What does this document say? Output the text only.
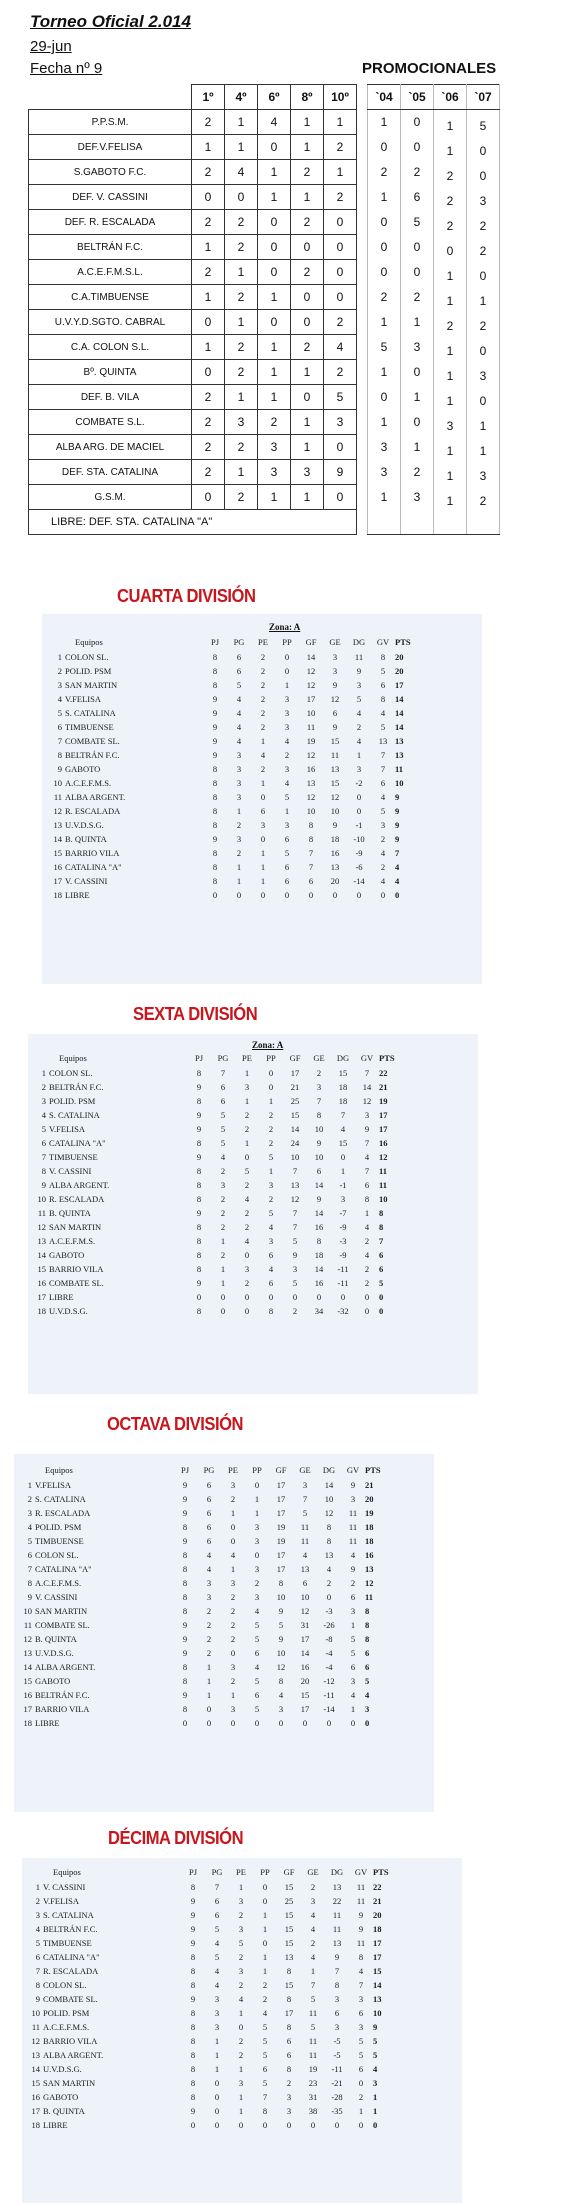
Torneo Oficial 2.014
29-jun
Fecha nº 9	PROMOCIONALES
	1º	4º	6º	8º	10º		`04	`05	`06	`07
P.P.S.M.	2	1	4	1	1		1	0	1	5
DEF.V.FELISA	1	1	0	1	2		0	0	1	0
S.GABOTO F.C.	2	4	1	2	1		2	2	2	0
DEF. V. CASSINI	0	0	1	1	2		1	6	2	3
DEF. R. ESCALADA	2	2	0	2	0		0	5	2	2
BELTRÁN F.C.	1	2	0	0	0		0	0	0	2
A.C.E.F.M.S.L.	2	1	0	2	0		0	0	1	0
C.A.TIMBUENSE	1	2	1	0	0		2	2	1	1
U.V.Y.D.SGTO. CABRAL	0	1	0	0	2		1	1	2	2
C.A. COLON S.L.	1	2	1	2	4		5	3	1	0
Bº. QUINTA	0	2	1	1	2		1	0	1	3
DEF. B. VILA	2	1	1	0	5		0	1	1	0
COMBATE S.L.	2	3	2	1	3		1	0	3	1
ALBA ARG. DE MACIEL	2	2	3	1	0		3	1	1	1
DEF. STA. CATALINA	2	1	3	3	9		3	2	1	3
G.S.M.	0	2	1	1	0		1	3	1	2
LIBRE: DEF. STA. CATALINA "A"										
CUARTA DIVISIÓN
Zona: A
	Equipos	PJ	PG	PE	PP	GF	GE	DG	GV	PTS
1	COLON SL.	8	6	2	0	14	3	11	8	20
2	POLID. PSM	8	6	2	0	12	3	9	5	20
3	SAN MARTIN	8	5	2	1	12	9	3	6	17
4	V.FELISA	9	4	2	3	17	12	5	8	14
5	S. CATALINA	9	4	2	3	10	6	4	4	14
6	TIMBUENSE	9	4	2	3	11	9	2	5	14
7	COMBATE SL.	9	4	1	4	19	15	4	13	13
8	BELTRÁN F.C.	9	3	4	2	12	11	1	7	13
9	GABOTO	8	3	2	3	16	13	3	7	11
10	A.C.E.F.M.S.	8	3	1	4	13	15	-2	6	10
11	ALBA ARGENT.	8	3	0	5	12	12	0	4	9
12	R. ESCALADA	8	1	6	1	10	10	0	5	9
13	U.V.D.S.G.	8	2	3	3	8	9	-1	3	9
14	B. QUINTA	9	3	0	6	8	18	-10	2	9
15	BARRIO VILA	8	2	1	5	7	16	-9	4	7
16	CATALINA "A"	8	1	1	6	7	13	-6	2	4
17	V. CASSINI	8	1	1	6	6	20	-14	4	4
18	LIBRE	0	0	0	0	0	0	0	0	0
SEXTA DIVISIÓN
Zona: A
	Equipos	PJ	PG	PE	PP	GF	GE	DG	GV	PTS
1	COLON SL.	8	7	1	0	17	2	15	7	22
2	BELTRÁN F.C.	9	6	3	0	21	3	18	14	21
3	POLID. PSM	8	6	1	1	25	7	18	12	19
4	S. CATALINA	9	5	2	2	15	8	7	3	17
5	V.FELISA	9	5	2	2	14	10	4	9	17
6	CATALINA "A"	8	5	1	2	24	9	15	7	16
7	TIMBUENSE	9	4	0	5	10	10	0	4	12
8	V. CASSINI	8	2	5	1	7	6	1	7	11
9	ALBA ARGENT.	8	3	2	3	13	14	-1	6	11
10	R. ESCALADA	8	2	4	2	12	9	3	8	10
11	B. QUINTA	9	2	2	5	7	14	-7	1	8
12	SAN MARTIN	8	2	2	4	7	16	-9	4	8
13	A.C.E.F.M.S.	8	1	4	3	5	8	-3	2	7
14	GABOTO	8	2	0	6	9	18	-9	4	6
15	BARRIO VILA	8	1	3	4	3	14	-11	2	6
16	COMBATE SL.	9	1	2	6	5	16	-11	2	5
17	LIBRE	0	0	0	0	0	0	0	0	0
18	U.V.D.S.G.	8	0	0	8	2	34	-32	0	0
OCTAVA DIVISIÓN
	Equipos	PJ	PG	PE	PP	GF	GE	DG	GV	PTS
1	V.FELISA	9	6	3	0	17	3	14	9	21
2	S. CATALINA	9	6	2	1	17	7	10	3	20
3	R. ESCALADA	9	6	1	1	17	5	12	11	19
4	POLID. PSM	8	6	0	3	19	11	8	11	18
5	TIMBUENSE	9	6	0	3	19	11	8	11	18
6	COLON SL.	8	4	4	0	17	4	13	4	16
7	CATALINA "A"	8	4	1	3	17	13	4	9	13
8	A.C.E.F.M.S.	8	3	3	2	8	6	2	2	12
9	V. CASSINI	8	3	2	3	10	10	0	6	11
10	SAN MARTIN	8	2	2	4	9	12	-3	3	8
11	COMBATE SL.	9	2	2	5	5	31	-26	1	8
12	B. QUINTA	9	2	2	5	9	17	-8	5	8
13	U.V.D.S.G.	9	2	0	6	10	14	-4	5	6
14	ALBA ARGENT.	8	1	3	4	12	16	-4	6	6
15	GABOTO	8	1	2	5	8	20	-12	3	5
16	BELTRÁN F.C.	9	1	1	6	4	15	-11	4	4
17	BARRIO VILA	8	0	3	5	3	17	-14	1	3
18	LIBRE	0	0	0	0	0	0	0	0	0
DÉCIMA DIVISIÓN
	Equipos	PJ	PG	PE	PP	GF	GE	DG	GV	PTS
1	V. CASSINI	8	7	1	0	15	2	13	11	22
2	V.FELISA	9	6	3	0	25	3	22	11	21
3	S. CATALINA	9	6	2	1	15	4	11	9	20
4	BELTRÁN F.C.	9	5	3	1	15	4	11	9	18
5	TIMBUENSE	9	4	5	0	15	2	13	11	17
6	CATALINA "A"	8	5	2	1	13	4	9	8	17
7	R. ESCALADA	8	4	3	1	8	1	7	4	15
8	COLON SL.	8	4	2	2	15	7	8	7	14
9	COMBATE SL.	9	3	4	2	8	5	3	3	13
10	POLID. PSM	8	3	1	4	17	11	6	6	10
11	A.C.E.F.M.S.	8	3	0	5	8	5	3	3	9
12	BARRIO VILA	8	1	2	5	6	11	-5	5	5
13	ALBA ARGENT.	8	1	2	5	6	11	-5	5	5
14	U.V.D.S.G.	8	1	1	6	8	19	-11	6	4
15	SAN MARTIN	8	0	3	5	2	23	-21	0	3
16	GABOTO	8	0	1	7	3	31	-28	2	1
17	B. QUINTA	9	0	1	8	3	38	-35	1	1
18	LIBRE	0	0	0	0	0	0	0	0	0
